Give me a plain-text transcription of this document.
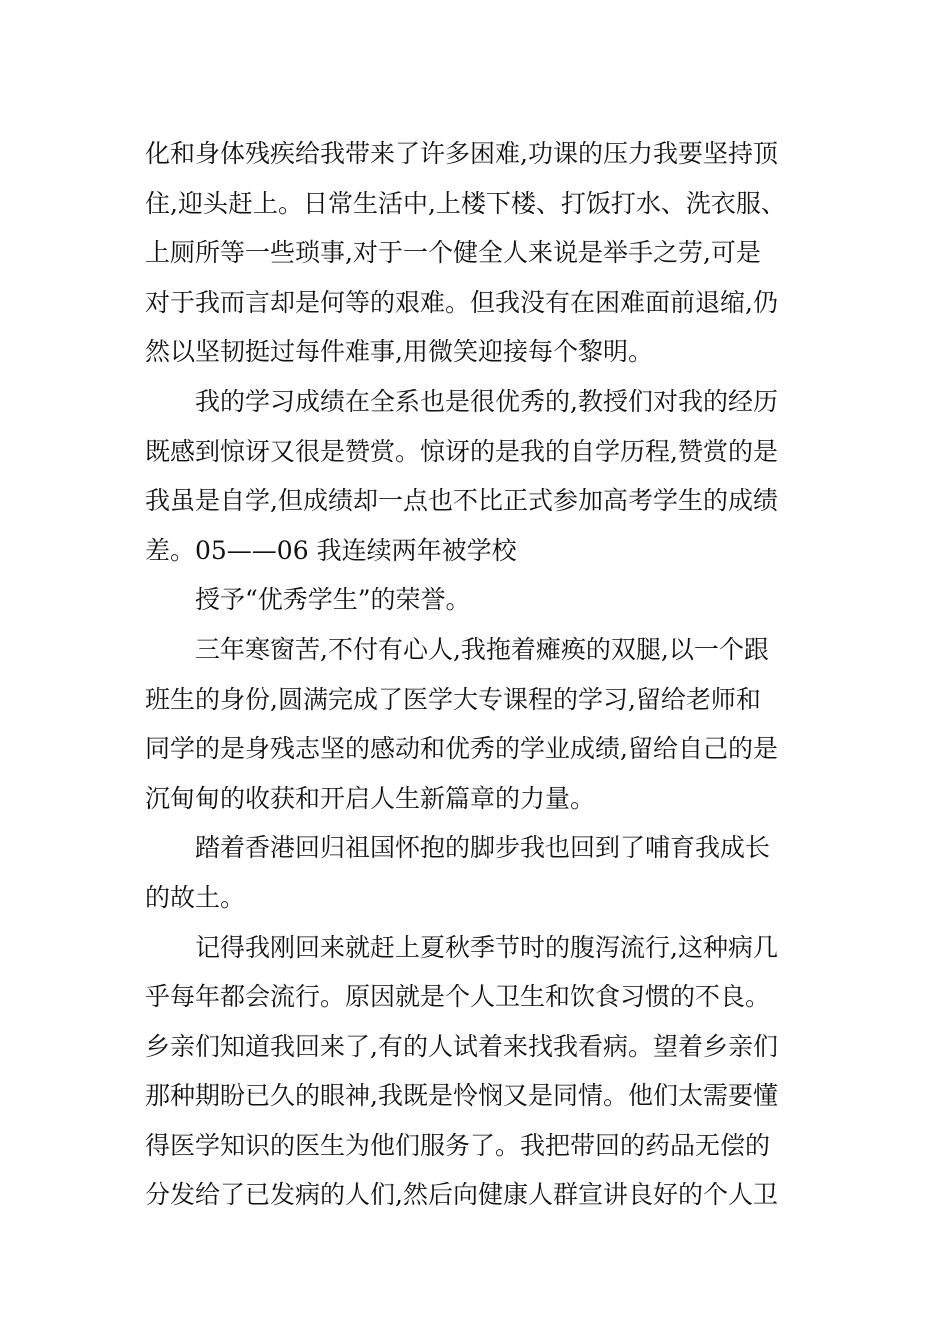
化和身体残疾给我带来了许多困难,功课的压力我要坚持顶
住,迎头赶上。日常生活中,上楼下楼、打饭打水、洗衣服、
上厕所等一些琐事,对于一个健全人来说是举手之劳,可是
对于我而言却是何等的艰难。但我没有在困难面前退缩,仍
然以坚韧挺过每件难事,用微笑迎接每个黎明。
我的学习成绩在全系也是很优秀的,教授们对我的经历
既感到惊讶又很是赞赏。惊讶的是我的自学历程,赞赏的是
我虽是自学,但成绩却一点也不比正式参加高考学生的成绩
差。05——06 我连续两年被学校
授予“优秀学生”的荣誉。
三年寒窗苦,不付有心人,我拖着瘫痪的双腿,以一个跟
班生的身份,圆满完成了医学大专课程的学习,留给老师和
同学的是身残志坚的感动和优秀的学业成绩,留给自己的是
沉甸甸的收获和开启人生新篇章的力量。
踏着香港回归祖国怀抱的脚步我也回到了哺育我成长
的故土。
记得我刚回来就赶上夏秋季节时的腹泻流行,这种病几
乎每年都会流行。原因就是个人卫生和饮食习惯的不良。
乡亲们知道我回来了,有的人试着来找我看病。望着乡亲们
那种期盼已久的眼神,我既是怜悯又是同情。他们太需要懂
得医学知识的医生为他们服务了。我把带回的药品无偿的
分发给了已发病的人们,然后向健康人群宣讲良好的个人卫
